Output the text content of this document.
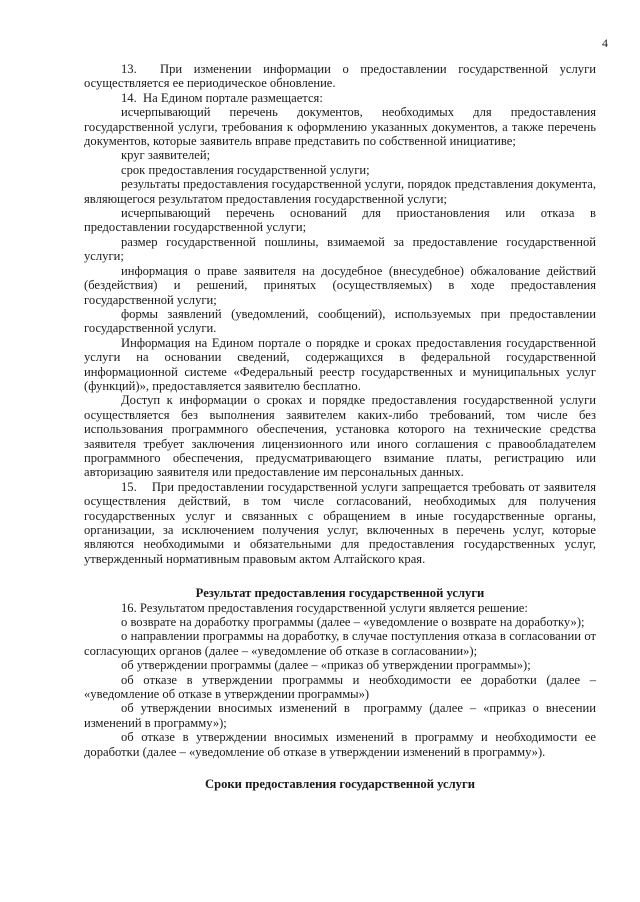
4

13.  При изменении информации о предоставлении государственной услуги осуществляется ее периодическое обновление.

14.  На Едином портале размещается:

исчерпывающий перечень документов, необходимых для предоставления государственной услуги, требования к оформлению указанных документов, а также перечень документов, которые заявитель вправе представить по собственной инициативе;

круг заявителей;

срок предоставления государственной услуги;

результаты предоставления государственной услуги, порядок представления документа, являющегося результатом предоставления государственной услуги;

исчерпывающий перечень оснований для приостановления или отказа в предоставлении государственной услуги;

размер государственной пошлины, взимаемой за предоставление государственной услуги;

информация о праве заявителя на досудебное (внесудебное) обжалование действий (бездействия) и решений, принятых (осуществляемых) в ходе предоставления государственной услуги;

формы заявлений (уведомлений, сообщений), используемых при предоставлении государственной услуги.

Информация на Едином портале о порядке и сроках предоставления государственной услуги на основании сведений, содержащихся в федеральной государственной информационной системе «Федеральный реестр государственных и муниципальных услуг (функций)», предоставляется заявителю бесплатно.

Доступ к информации о сроках и порядке предоставления государственной услуги осуществляется без выполнения заявителем каких-либо требований, том числе без использования программного обеспечения, установка которого на технические средства заявителя требует заключения лицензионного или иного соглашения с правообладателем программного обеспечения, предусматривающего взимание платы, регистрацию или авторизацию заявителя или предоставление им персональных данных.

15.    При предоставлении государственной услуги запрещается требовать от заявителя осуществления действий, в том числе согласований, необходимых для получения государственных услуг и связанных с обращением в иные государственные органы, организации, за исключением получения услуг, включенных в перечень услуг, которые являются необходимыми и обязательными для предоставления государственных услуг, утвержденный нормативным правовым актом Алтайского края.

Результат предоставления государственной услуги

16. Результатом предоставления государственной услуги является решение:

о возврате на доработку программы (далее – «уведомление о возврате на доработку»);

о направлении программы на доработку, в случае поступления отказа в согласовании от согласующих органов (далее – «уведомление об отказе в согласовании»);

об утверждении программы (далее – «приказ об утверждении программы»);

об отказе в утверждении программы и необходимости ее доработки (далее – «уведомление об отказе в утверждении программы»)

об утверждении вносимых изменений в  программу (далее – «приказ о внесении изменений в программу»);

об отказе в утверждении вносимых изменений в программу и необходимости ее доработки (далее – «уведомление об отказе в утверждении изменений в программу»).

Сроки предоставления государственной услуги
